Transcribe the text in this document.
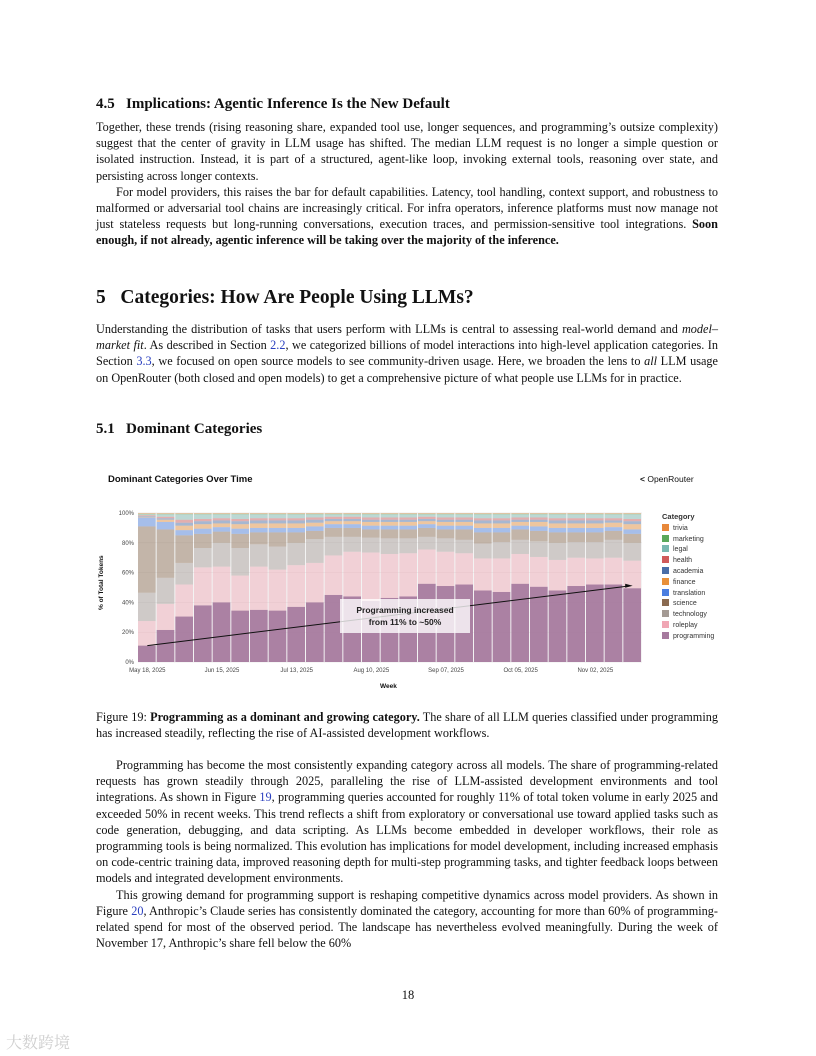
4.5 Implications: Agentic Inference Is the New Default

Together, these trends (rising reasoning share, expanded tool use, longer sequences, and programming’s outsize complexity) suggest that the center of gravity in LLM usage has shifted. The median LLM request is no longer a simple question or isolated instruction. Instead, it is part of a structured, agent-like loop, invoking external tools, reasoning over state, and persisting across longer contexts.

For model providers, this raises the bar for default capabilities. Latency, tool handling, context support, and robustness to malformed or adversarial tool chains are increasingly critical. For infra operators, inference platforms must now manage not just stateless requests but long-running conversations, execution traces, and permission-sensitive tool integrations. Soon enough, if not already, agentic inference will be taking over the majority of the inference.

5 Categories: How Are People Using LLMs?

Understanding the distribution of tasks that users perform with LLMs is central to assessing real-world demand and model–market fit. As described in Section 2.2, we categorized billions of model interactions into high-level application categories. In Section 3.3, we focused on open source models to see community-driven usage. Here, we broaden the lens to all LLM usage on OpenRouter (both closed and open models) to get a comprehensive picture of what people use LLMs for in practice.

5.1 Dominant Categories
Dominant Categories Over Time	< OpenRouter
0%
20%
40%
60%
80%
100%
May 18, 2025	Jun 15, 2025	Jul 13, 2025	Aug 10, 2025	Sep 07, 2025	Oct 05, 2025	Nov 02, 2025
Programming increased
from 11% to ~50%
% of Total Tokens
Week
Category
trivia
marketing
legal
health
academia
finance
translation
science
technology
roleplay
programming

Figure 19: Programming as a dominant and growing category. The share of all LLM queries classified under programming has increased steadily, reflecting the rise of AI-assisted development workflows.

Programming has become the most consistently expanding category across all models. The share of programming-related requests has grown steadily through 2025, paralleling the rise of LLM-assisted development environments and tool integrations. As shown in Figure 19, programming queries accounted for roughly 11% of total token volume in early 2025 and exceeded 50% in recent weeks. This trend reflects a shift from exploratory or conversational use toward applied tasks such as code generation, debugging, and data scripting. As LLMs become embedded in developer workflows, their role as programming tools is being normalized. This evolution has implications for model development, including increased emphasis on code-centric training data, improved reasoning depth for multi-step programming tasks, and tighter feedback loops between models and integrated development environments.

This growing demand for programming support is reshaping competitive dynamics across model providers. As shown in Figure 20, Anthropic’s Claude series has consistently dominated the category, accounting for more than 60% of programming-related spend for most of the observed period. The landscape has nevertheless evolved meaningfully. During the week of November 17, Anthropic’s share fell below the 60%

18
大数跨境
